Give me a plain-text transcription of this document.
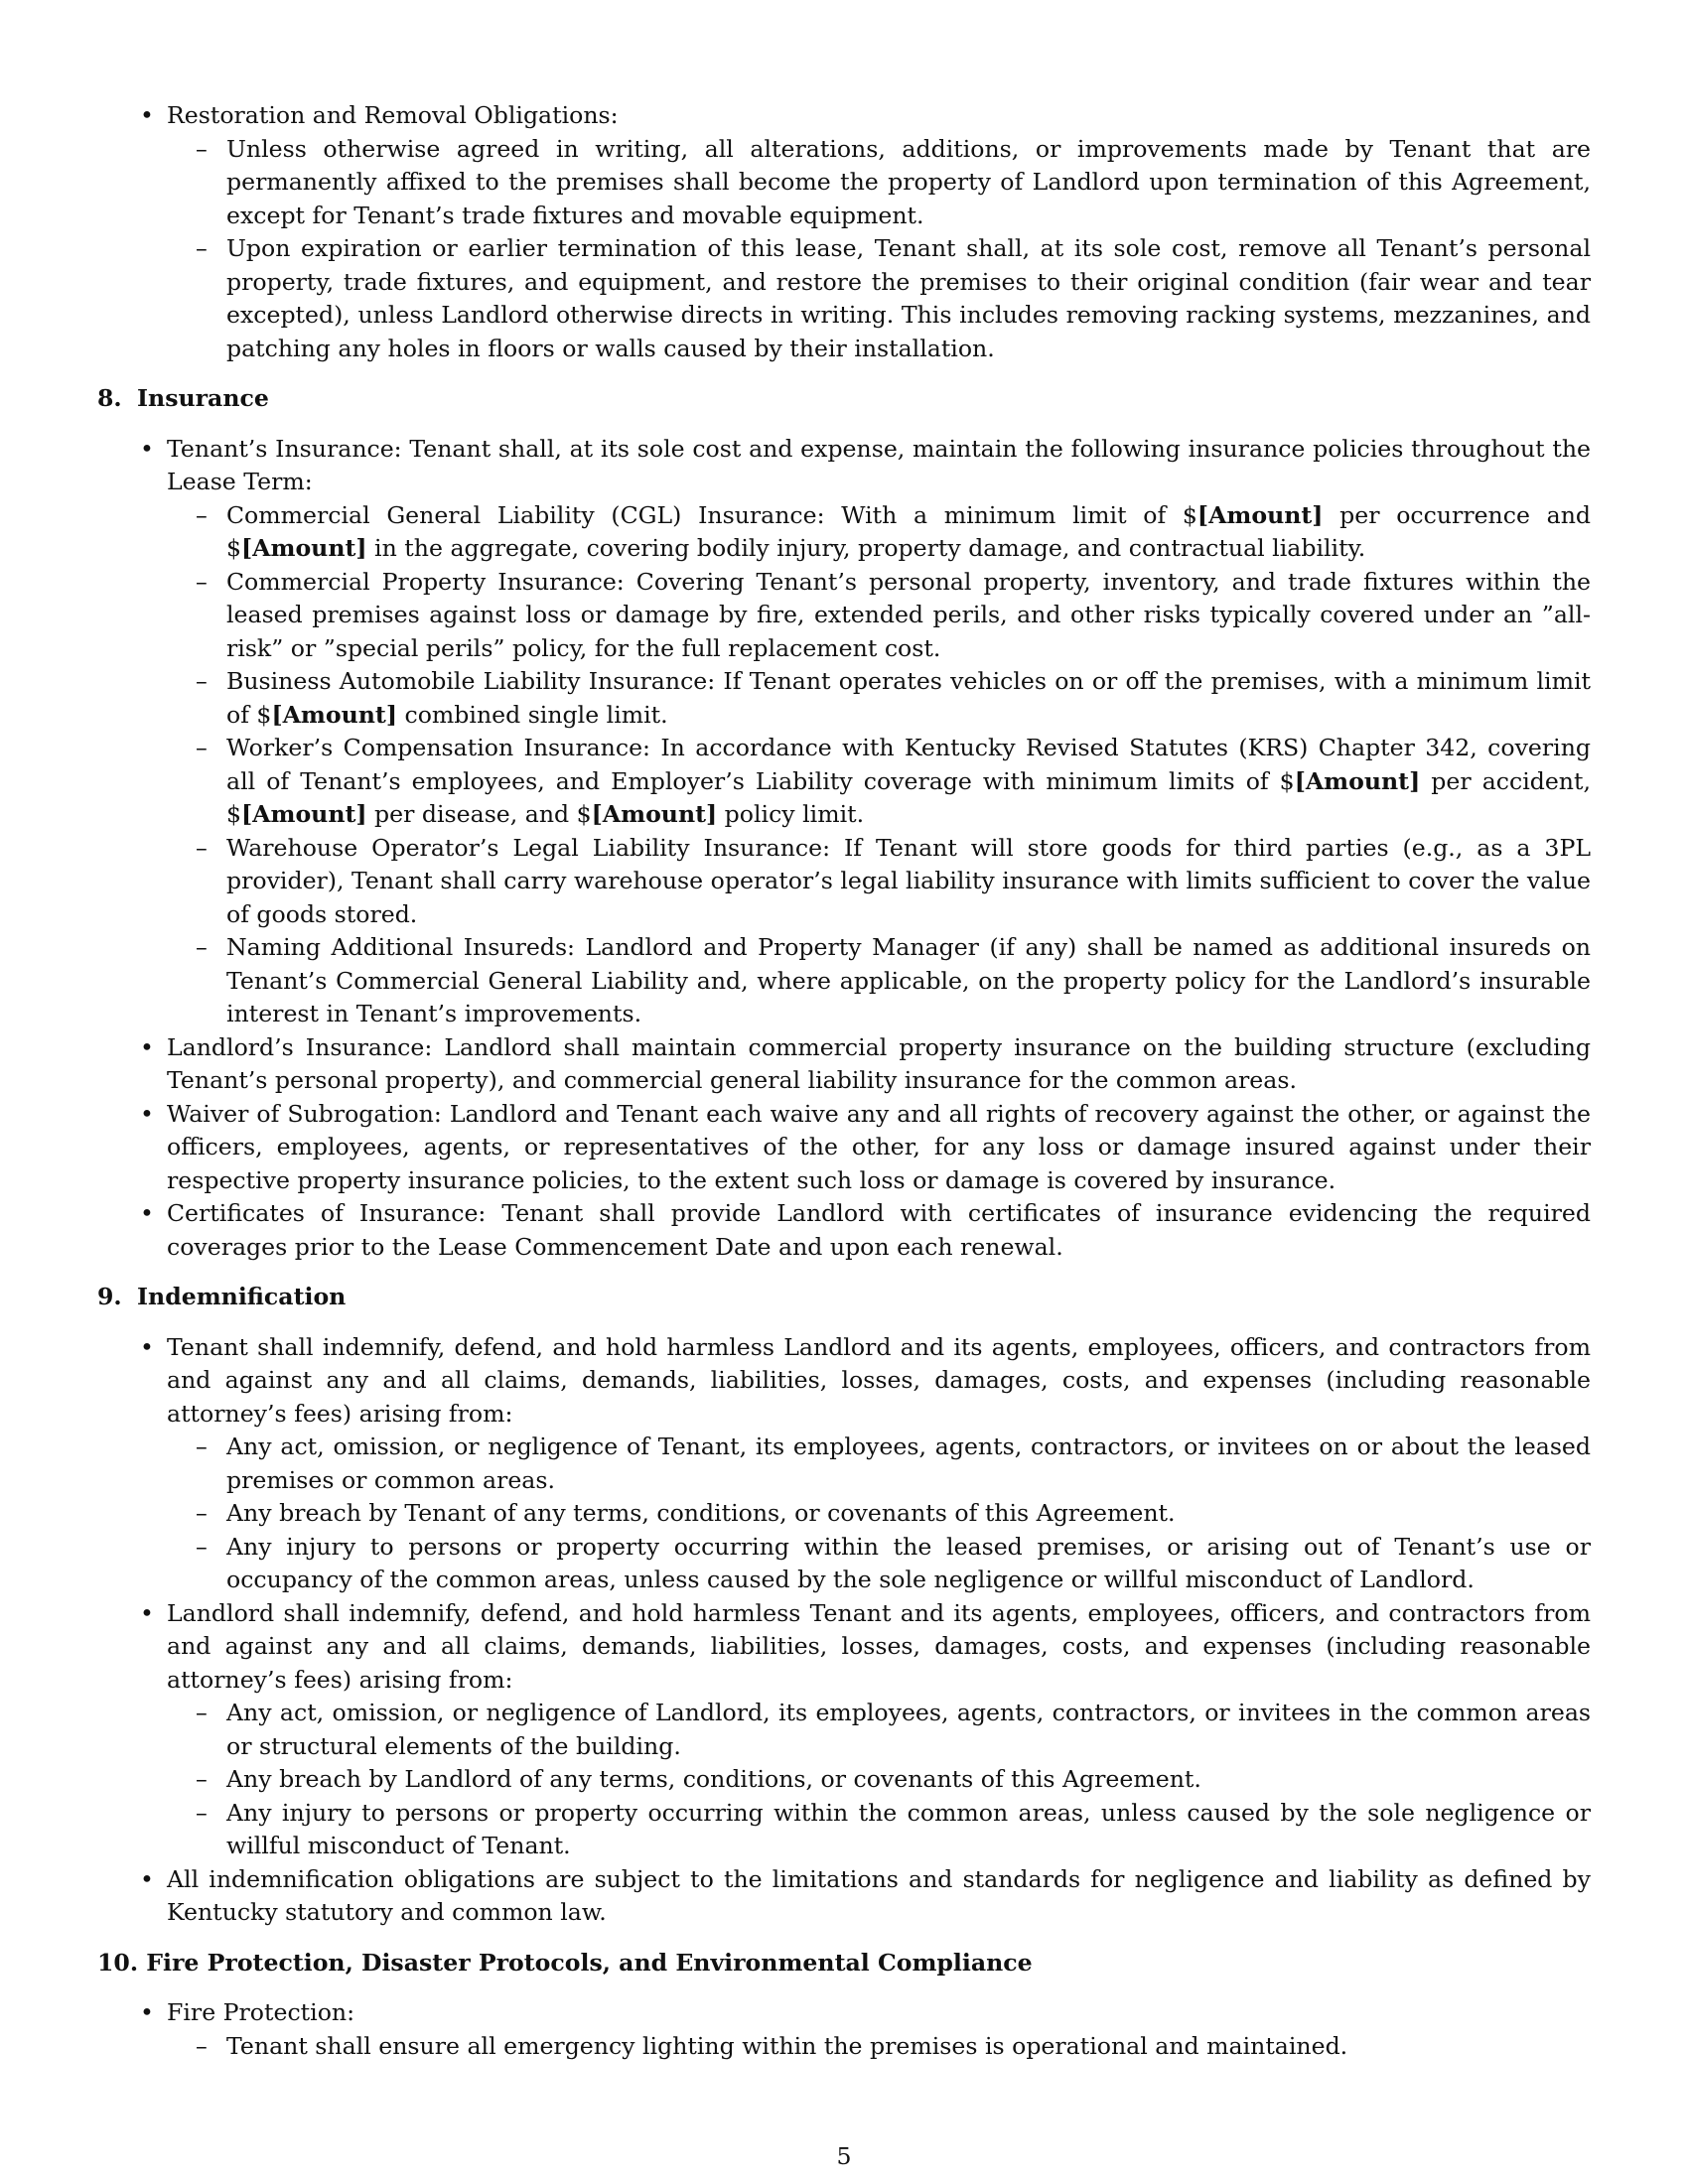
• Restoration and Removal Obligations:
– Unless otherwise agreed in writing, all alterations, additions, or improvements made by Tenant that are permanently affixed to the premises shall become the property of Landlord upon termination of this Agreement, except for Tenant’s trade fixtures and movable equipment.
– Upon expiration or earlier termination of this lease, Tenant shall, at its sole cost, remove all Tenant’s personal property, trade fixtures, and equipment, and restore the premises to their original condition (fair wear and tear excepted), unless Landlord otherwise directs in writing. This includes removing racking systems, mezzanines, and patching any holes in floors or walls caused by their installation.
8. Insurance
• Tenant’s Insurance: Tenant shall, at its sole cost and expense, maintain the following insurance policies throughout the Lease Term:
– Commercial General Liability (CGL) Insurance: With a minimum limit of $[Amount] per occurrence and $[Amount] in the aggregate, covering bodily injury, property damage, and contractual liability.
– Commercial Property Insurance: Covering Tenant’s personal property, inventory, and trade fixtures within the leased premises against loss or damage by fire, extended perils, and other risks typically covered under an ”all-risk” or ”special perils” policy, for the full replacement cost.
– Business Automobile Liability Insurance: If Tenant operates vehicles on or off the premises, with a minimum limit of $[Amount] combined single limit.
– Worker’s Compensation Insurance: In accordance with Kentucky Revised Statutes (KRS) Chapter 342, covering all of Tenant’s employees, and Employer’s Liability coverage with minimum limits of $[Amount] per accident, $[Amount] per disease, and $[Amount] policy limit.
– Warehouse Operator’s Legal Liability Insurance: If Tenant will store goods for third parties (e.g., as a 3PL provider), Tenant shall carry warehouse operator’s legal liability insurance with limits sufficient to cover the value of goods stored.
– Naming Additional Insureds: Landlord and Property Manager (if any) shall be named as additional insureds on Tenant’s Commercial General Liability and, where applicable, on the property policy for the Landlord’s insurable interest in Tenant’s improvements.
• Landlord’s Insurance: Landlord shall maintain commercial property insurance on the building structure (excluding Tenant’s personal property), and commercial general liability insurance for the common areas.
• Waiver of Subrogation: Landlord and Tenant each waive any and all rights of recovery against the other, or against the officers, employees, agents, or representatives of the other, for any loss or damage insured against under their respective property insurance policies, to the extent such loss or damage is covered by insurance.
• Certificates of Insurance: Tenant shall provide Landlord with certificates of insurance evidencing the required coverages prior to the Lease Commencement Date and upon each renewal.
9. Indemnification
• Tenant shall indemnify, defend, and hold harmless Landlord and its agents, employees, officers, and contractors from and against any and all claims, demands, liabilities, losses, damages, costs, and expenses (including reasonable attorney’s fees) arising from:
– Any act, omission, or negligence of Tenant, its employees, agents, contractors, or invitees on or about the leased premises or common areas.
– Any breach by Tenant of any terms, conditions, or covenants of this Agreement.
– Any injury to persons or property occurring within the leased premises, or arising out of Tenant’s use or occupancy of the common areas, unless caused by the sole negligence or willful misconduct of Landlord.
• Landlord shall indemnify, defend, and hold harmless Tenant and its agents, employees, officers, and contractors from and against any and all claims, demands, liabilities, losses, damages, costs, and expenses (including reasonable attorney’s fees) arising from:
– Any act, omission, or negligence of Landlord, its employees, agents, contractors, or invitees in the common areas or structural elements of the building.
– Any breach by Landlord of any terms, conditions, or covenants of this Agreement.
– Any injury to persons or property occurring within the common areas, unless caused by the sole negligence or willful misconduct of Tenant.
• All indemnification obligations are subject to the limitations and standards for negligence and liability as defined by Kentucky statutory and common law.
10. Fire Protection, Disaster Protocols, and Environmental Compliance
• Fire Protection:
– Tenant shall ensure all emergency lighting within the premises is operational and maintained.
5
